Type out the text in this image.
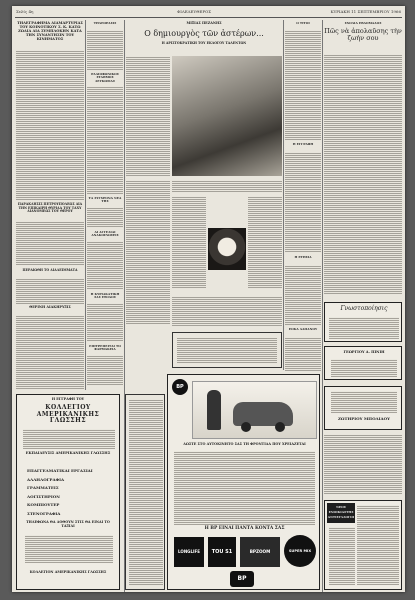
Σελίς 4η	ΦΙΛΕΛΕΥΘΕΡΟΣ	ΚΥΡΙΑΚΗ 11 ΣΕΠΤΕΜΒΡΙΟΥ 1966
ΤΗΛΕΓΡΑΦΗΜΑ ΔΙΑΜΑΡΤΥΡΙΑΣ ΤΟΥ ΚΟΙΝΟΤΙΚΟΥ Σ. Κ. ΚΑΤΩ ΖΩΔΙΑ ΔΙΑ ΣΥΜΠΛΟΚΗΝ ΚΑΤΑ ΤΗΝ ΣΥΝΑΝΤΗΣΙΝ ΤΟΥ ΚΙΝΗΜΑΤΟΣ
ΠΑΡΑΚΛΗΣΙΣ ΠΕΤΡΟΥΠΟΛΕΩΣ ΔΙΑ ΤΗΝ ΕΠΙΚΑΙΡΗ ΘΥΡΙΔΑ ΤΟΥ ΤΑΧΥ ΔΙΑΝΟΜΕΩΣ ΤΟΥ ΘΕΡΟΥ
ΠΕΡΑΙΩΘΗ ΤΟ ΔΙΑΛΕΙΜΜΑΤΑ
ΘΕΡΙΝΗ ΔΙΑΚΗΡΥΞΙΣ
Η ΕΓΓΡΑΦΗ ΤΟΥ
ΚΟΛΛΕΓΙΟΥ ΑΜΕΡΙΚΑΝΙΚΗΣ ΓΛΩΣΣΗΣ
ΕΚΠΑΙΔΕΥΣΙΣ ΑΜΕΡΙΚΑΝΙΚΗΣ ΓΛΩΣΣΗΣ
ΕΠΑΓΓΕΛΜΑΤΙΚΑΙ ΕΡΓΑΣΙΑΙ
ΑΛΛΗΛΟΓΡΑΦΙΑ
ΓΡΑΜΜΑΤΕΙΣ
ΛΟΓΙΣΤΗΡΙΟΝ
ΚΟΜΠΙΟΥΤΕΡ
ΣΤΕΝΟΓΡΑΦΙΑ
ΤΗΛΕΦΩΝΑ ΘΑ ΔΟΘΟΥΝ ΣΤΙΣ ΘΑ ΕΙΝΑΙ ΤΟ ΤΑΞΙΔΙ
ΚΟΛΛΕΓΙΟΝ ΑΜΕΡΙΚΑΝΙΚΗΣ ΓΛΩΣΣΗΣ
ΤΗΛΕΟΡΑΣΙΣ
ΡΑΔΙΟΦΩΝΙΚΟΣ ΣΤΑΘΜΟΣ ΛΕΥΚΩΣΙΑΣ
ΤΑ ΣΥΓΧΡΟΝΑ ΝΕΑ ΤΗΣ
ΑΙ ΑΓΓΕΛΙΑΙ ΑΝΑΚΟΙΝΩΣΕΙΣ
Η ΚΥΡΙΑΚΑΤΙΚΗ ΣΑΣ ΕΞΟΔΟΣ
ΕΠΙΤΡΕΠΕΙΤΑΙ ΤΟ ΦΑΡΜΑΚΕΙΑ
ΜΙΞΙΑΣ ΠΕΖΑΝΗΣ
Ο δημιουργὸς τῶν ἀστέρων...
Η ΑΡΙΣΤΟΚΡΑΤΙΚΗ ΤΟΥ ΕΚΛΟΓΟΥ ΤΑΛΕΝΤΩΝ
Ο ΤΙΤΟΙ
Η ΕΓΓΡΑΦΗ
Η ΕΤΗΣΙΑ
ΕΟΚΑ ΔΑΠΑΝΟΥ
ΣΧΟΛΙΑ ΕΒΔΟΜΑΔΟΣ
Πῶς νὰ ἀπολαῦσης τὴν ζωήν σου
Γνωστοποίησις
ΓΕΩΡΓΙΟΥ Α. ΠΙΝΙΗ
ΖΩΤΗΡΙΟΥ ΜΠΟΛΙΑΟΥ
ΝΕΟΣ ΕΝΟΙΚΙΑΣΤΗΣ ΑΝΤΙΣΥΛΛΟΓΟΙ
BP
ΔΩΣΤΕ ΣΤΟ ΑΥΤΟΚΙΝΗΤΟ ΣΑΣ ΤΗ ΦΡΟΝΤΙΔΑ ΠΟΥ ΧΡΕΙΑΖΕΤΑΙ
Η BP ΕΙΝΑΙ ΠΑΝΤΑ ΚΟΝΤΑ ΣΑΣ
LONGLIFE	TOU S1	BPZOOM	SUPER MIX
BP
